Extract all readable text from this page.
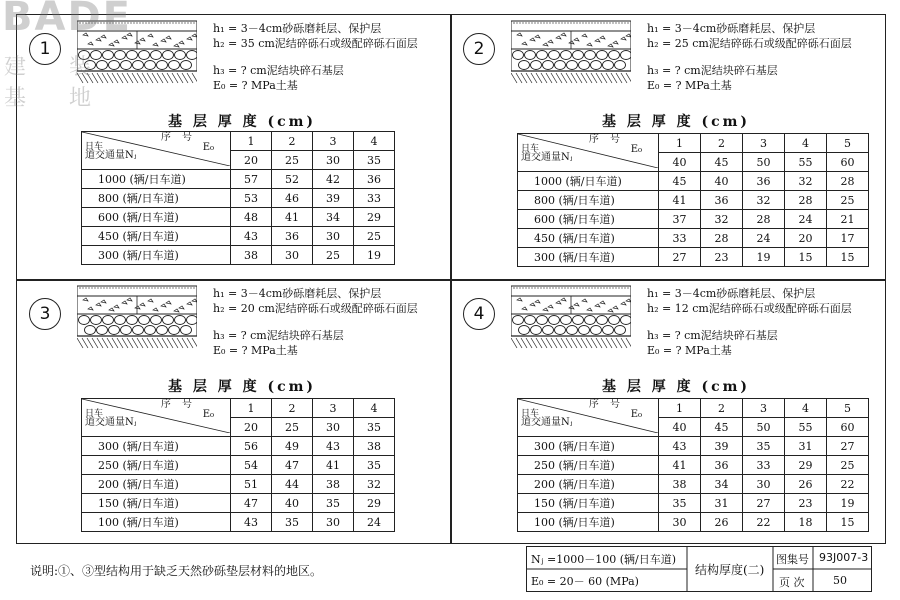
1
h₁ = 3－4cm砂砾磨耗层、保护层
h₂ = 35 cm泥结碎砾石或级配碎砾石面层
h₃ = ? cm泥结块碎石基层
E₀ = ? MPa土基
基 层 厚 度 (cm)
序 号
E₀
日车
道交通量Nⱼ	1	2	3	4
	20	25	30	35
1000 (辆/日车道)	57	52	42	36
800 (辆/日车道)	53	46	39	33
600 (辆/日车道)	48	41	34	29
450 (辆/日车道)	43	36	30	25
300 (辆/日车道)	38	30	25	19
2
h₁ = 3－4cm砂砾磨耗层、保护层
h₂ = 25 cm泥结碎砾石或级配碎砾石面层
h₃ = ? cm泥结块碎石基层
E₀ = ? MPa土基
基 层 厚 度 (cm)
序 号
E₀
日车
道交通量Nⱼ	1	2	3	4	5
	40	45	50	55	60
1000 (辆/日车道)	45	40	36	32	28
800 (辆/日车道)	41	36	32	28	25
600 (辆/日车道)	37	32	28	24	21
450 (辆/日车道)	33	28	24	20	17
300 (辆/日车道)	27	23	19	15	15
3
h₁ = 3－4cm砂砾磨耗层、保护层
h₂ = 20 cm泥结碎砾石或级配碎砾石面层
h₃ = ? cm泥结块碎石基层
E₀ = ? MPa土基
基 层 厚 度 (cm)
序 号
E₀
日车
道交通量Nⱼ	1	2	3	4
	20	25	30	35
300 (辆/日车道)	56	49	43	38
250 (辆/日车道)	54	47	41	35
200 (辆/日车道)	51	44	38	32
150 (辆/日车道)	47	40	35	29
100 (辆/日车道)	43	35	30	24
4
h₁ = 3－4cm砂砾磨耗层、保护层
h₂ = 12 cm泥结碎砾石或级配碎砾石面层
h₃ = ? cm泥结块碎石基层
E₀ = ? MPa土基
基 层 厚 度 (cm)
序 号
E₀
日车
道交通量Nⱼ	1	2	3	4	5
	40	45	50	55	60
300 (辆/日车道)	43	39	35	31	27
250 (辆/日车道)	41	36	33	29	25
200 (辆/日车道)	38	34	30	26	22
150 (辆/日车道)	35	31	27	23	19
100 (辆/日车道)	30	26	22	18	15
BADE
建 装 基 地
说明:①、③型结构用于缺乏天然砂砾垫层材料的地区。
Nⱼ =1000－100 (辆/日车道)
E₀ = 20－ 60 (MPa)
结构厚度(二)
图集号 93J007-3
页 次	50
